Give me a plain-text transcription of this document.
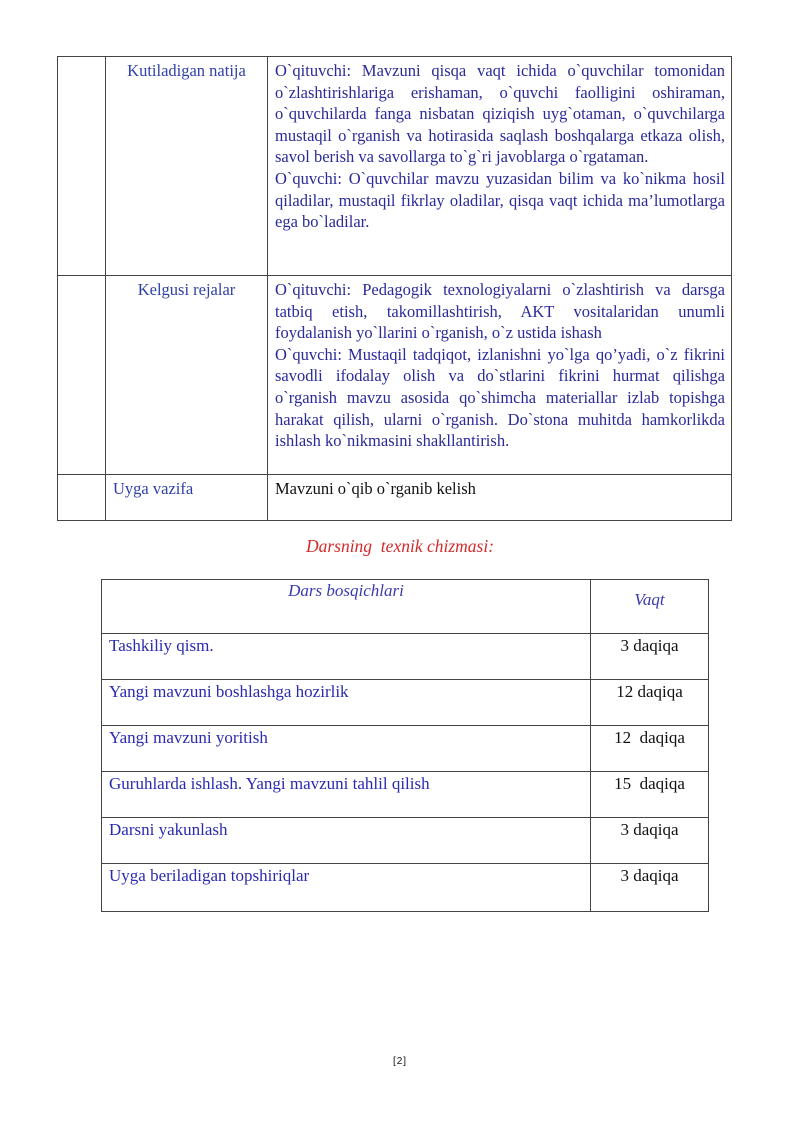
	Kutiladigan natija	O`qituvchi: Mavzuni qisqa vaqt ichida o`quvchilar tomonidan o`zlashtirishlariga erishaman, o`quvchi faolligini oshiraman, o`quvchilarda fanga nisbatan qiziqish uyg`otaman, o`quvchilarga mustaqil o`rganish va hotirasida saqlash boshqalarga etkaza olish, savol berish va savollarga to`g`ri javoblarga o`rgataman.

O`quvchi: O`quvchilar mavzu yuzasidan bilim va ko`nikma hosil qiladilar, mustaqil fikrlay oladilar, qisqa vaqt ichida ma’lumotlarga ega bo`ladilar.

	Kelgusi rejalar	O`qituvchi: Pedagogik texnologiyalarni o`zlashtirish va darsga tatbiq etish, takomillashtirish, AKT vositalaridan unumli foydalanish yo`llarini o`rganish, o`z ustida ishash

O`quvchi: Mustaqil tadqiqot, izlanishni yo`lga qo’yadi, o`z fikrini savodli ifodalay olish va do`stlarini fikrini hurmat qilishga o`rganish mavzu asosida qo`shimcha materiallar izlab topishga harakat qilish, ularni o`rganish. Do`stona muhitda hamkorlikda ishlash ko`nikmasini shakllantirish.

	Uyga vazifa	Mavzuni o`qib o`rganib kelish

Darsning  texnik chizmasi:
Dars bosqichlari	Vaqt
Tashkiliy qism.	3 daqiqa
Yangi mavzuni boshlashga hozirlik	12 daqiqa
Yangi mavzuni yoritish	12  daqiqa
Guruhlarda ishlash. Yangi mavzuni tahlil qilish	15  daqiqa
Darsni yakunlash	3 daqiqa
Uyga beriladigan topshiriqlar	3 daqiqa
[2]
